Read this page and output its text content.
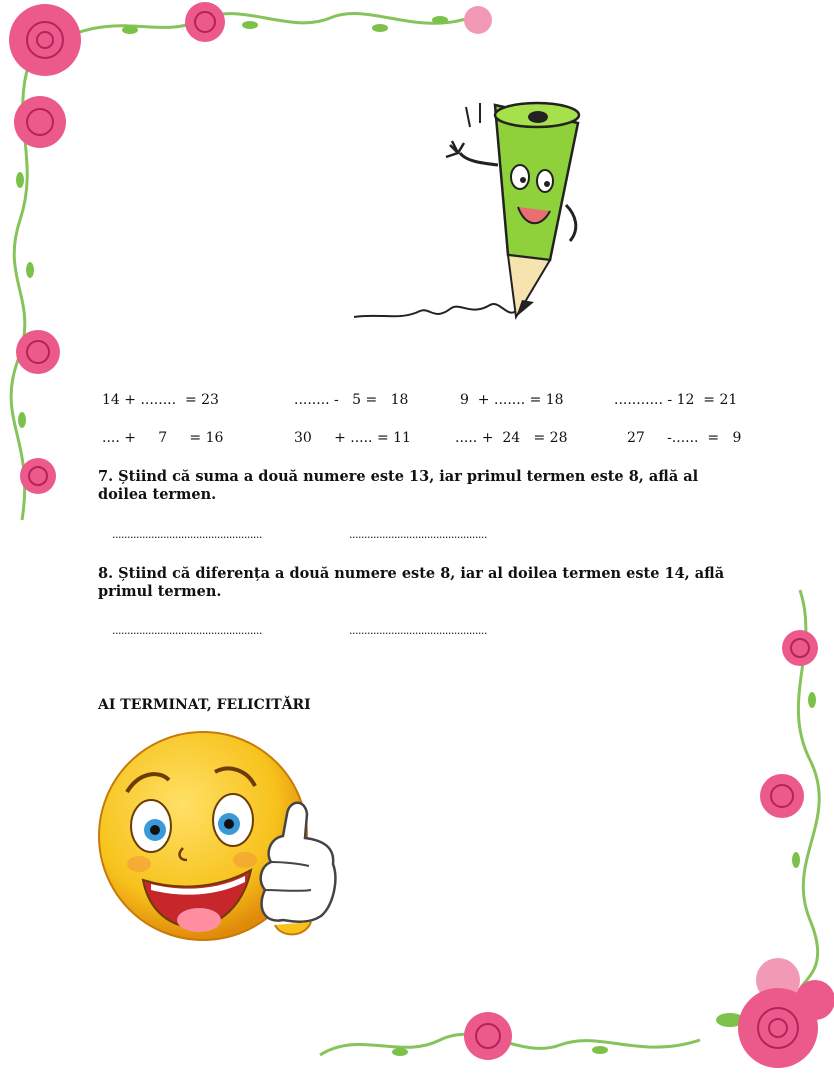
14 + ........  = 23	........ -   5 =   18	9  + ....... = 18	........... - 12  = 21
.... +     7     = 16	30     + ..... = 11	..... +  24   = 28	27     -......  =   9
7. Știind că suma a două numere este 13, iar primul termen este 8, află al doilea termen.
..................................................	..............................................
8. Știind că diferența a două numere este 8, iar al doilea termen este 14, află primul termen.
..................................................	..............................................
AI TERMINAT, FELICITĂRI
